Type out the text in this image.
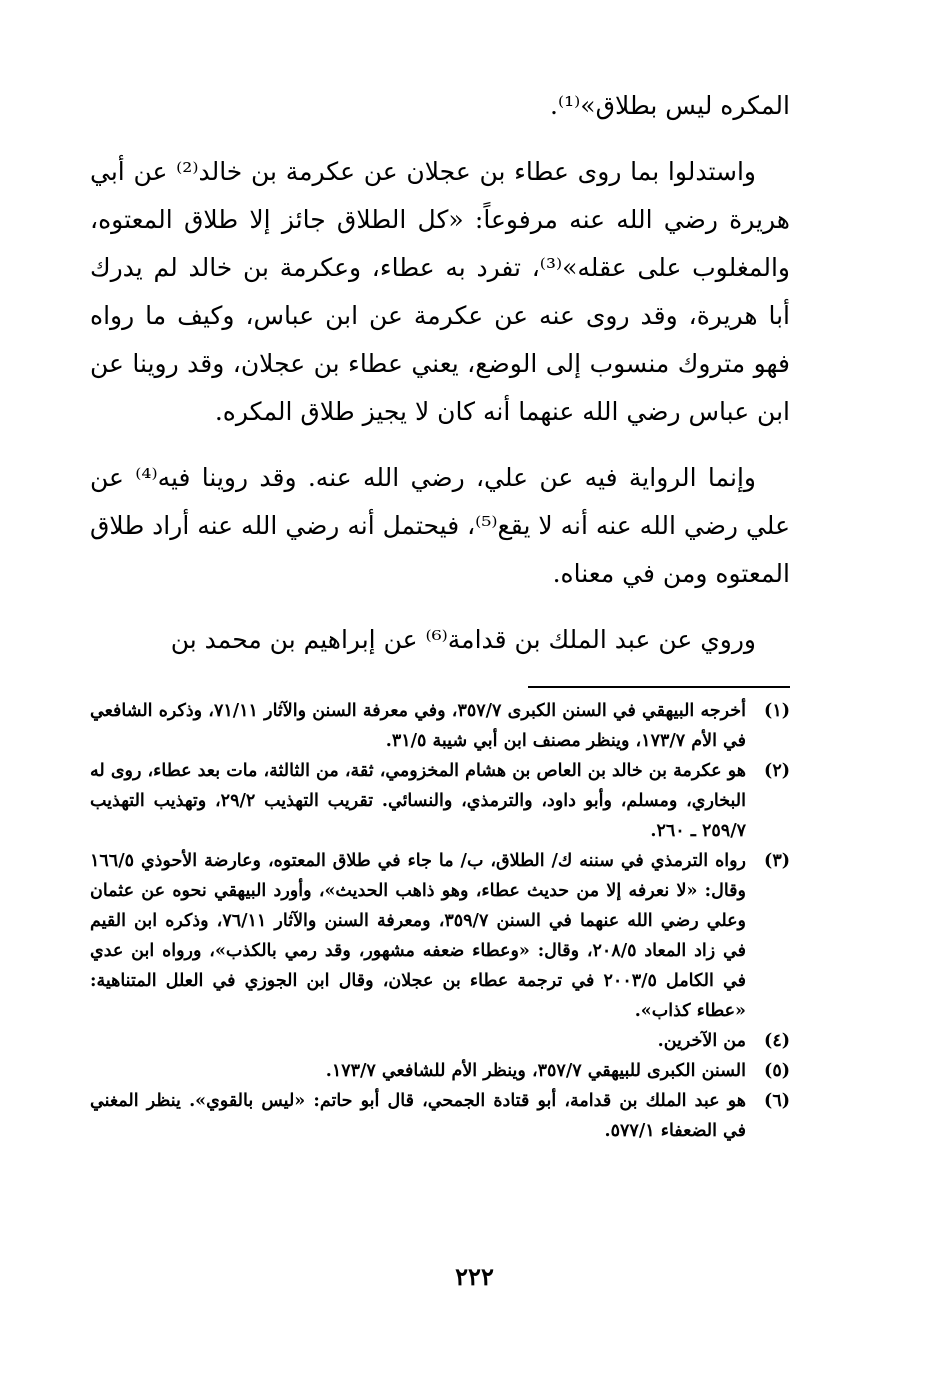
المكره ليس بطلاق»⁽¹⁾.

واستدلوا بما روى عطاء بن عجلان عن عكرمة بن خالد⁽²⁾ عن أبي هريرة رضي الله عنه مرفوعاً: «كل الطلاق جائز إلا طلاق المعتوه، والمغلوب على عقله»⁽³⁾، تفرد به عطاء، وعكرمة بن خالد لم يدرك أبا هريرة، وقد روى عنه عن عكرمة عن ابن عباس، وكيف ما رواه فهو متروك منسوب إلى الوضع، يعني عطاء بن عجلان، وقد روينا عن ابن عباس رضي الله عنهما أنه كان لا يجيز طلاق المكره.

وإنما الرواية فيه عن علي، رضي الله عنه. وقد روينا فيه⁽⁴⁾ عن علي رضي الله عنه أنه لا يقع⁽⁵⁾، فيحتمل أنه رضي الله عنه أراد طلاق المعتوه ومن في معناه.

وروي عن عبد الملك بن قدامة⁽⁶⁾ عن إبراهيم بن محمد بن

(١)
أخرجه البيهقي في السنن الكبرى ٣٥٧/٧، وفي معرفة السنن والآثار ٧١/١١، وذكره الشافعي في الأم ١٧٣/٧، وينظر مصنف ابن أبي شيبة ٣١/٥.
(٢)
هو عكرمة بن خالد بن العاص بن هشام المخزومي، ثقة، من الثالثة، مات بعد عطاء، روى له البخاري، ومسلم، وأبو داود، والترمذي، والنسائي. تقريب التهذيب ٢٩/٢، وتهذيب التهذيب ٢٥٩/٧ ـ ٢٦٠.
(٣)
رواه الترمذي في سننه ك/ الطلاق، ب/ ما جاء في طلاق المعتوه، وعارضة الأحوذي ١٦٦/٥ وقال: «لا نعرفه إلا من حديث عطاء، وهو ذاهب الحديث»، وأورد البيهقي نحوه عن عثمان وعلي رضي الله عنهما في السنن ٣٥٩/٧، ومعرفة السنن والآثار ٧٦/١١، وذكره ابن القيم في زاد المعاد ٢٠٨/٥، وقال: «وعطاء ضعفه مشهور، وقد رمي بالكذب»، ورواه ابن عدي في الكامل ٢٠٠٣/٥ في ترجمة عطاء بن عجلان، وقال ابن الجوزي في العلل المتناهية: «عطاء كذاب».
(٤)
من الآخرين.
(٥)
السنن الكبرى للبيهقي ٣٥٧/٧، وينظر الأم للشافعي ١٧٣/٧.
(٦)
هو عبد الملك بن قدامة، أبو قتادة الجمحي، قال أبو حاتم: «ليس بالقوي». ينظر المغني في الضعفاء ٥٧٧/١.
٢٢٢
